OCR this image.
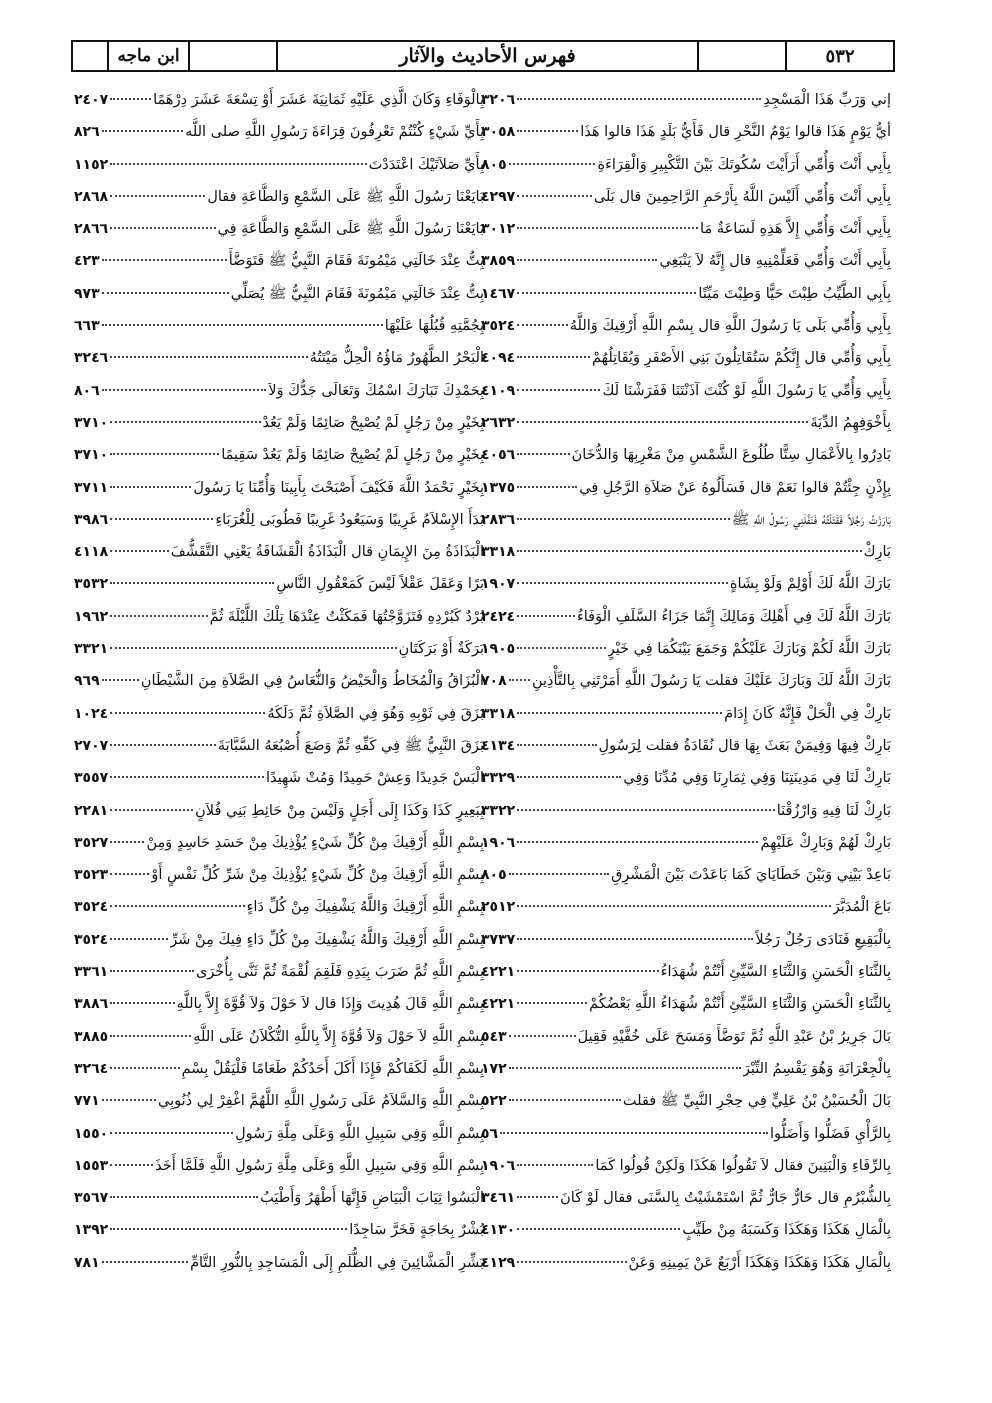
ابن ماجه	فهرس الأحاديث والآثار	٥٣٢
إني وَرَبِّ هَذَا الْمَسْجِدِ
٣٢٠٦
أيُّ يَوْمٍ هَذَا قالوا يَوْمُ النَّحْرِ قال فَأَيُّ بَلَدٍ هَذَا قالوا هَذَا
٣٠٥٨
بِأَبِي أَنْتَ وَأُمِّي أَرَأَيْتَ سُكُوتَكَ بَيْنَ التَّكْبِيرِ وَالْقِرَاءَةِ
٨٠٥
بِأَبِي أَنْتَ وَأُمِّي أَلَيْسَ اللَّهُ بِأَرْحَمِ الرَّاحِمِينَ قال بَلَى
٤٢٩٧
بِأَبِي أَنْتَ وَأُمِّي إِلاَّ هَذِهِ لَسَاعَةٌ مَا
٣٠١٢
بِأَبِي أَنْتَ وَأُمِّي فَعَلِّمْنِيهِ قال إِنَّهُ لاَ يَنْبَغِي
٣٨٥٩
بِأَبِي الطَّيِّبُ طِبْتَ حَيًّا وَطِبْتَ مَيِّتًا
١٤٦٧
بِأَبِي وَأُمِّي بَلَى يَا رَسُولَ اللَّهِ قال بِسْمِ اللَّهِ أَرْقِيكَ وَاللَّهُ
٣٥٢٤
بِأَبِي وَأُمِّي قال إِنَّكُمْ سَتُقَاتِلُونَ بَنِي الأَصْفَرِ وَيُقَاتِلُهُمْ
٤٠٩٤
بِأَبِي وَأُمِّي يَا رَسُولَ اللَّهِ لَوْ كُنْتَ آذَنْتَنَا فَفَرَشْنَا لَكَ
٤١٠٩
بِأَخْوَفِهِمُ الدِّيَةَ
٢٦٣٢
بَادِرُوا بِالأَعْمَالِ سِتًّا طُلُوعَ الشَّمْسِ مِنْ مَغْرِبِهَا وَالدُّخَانَ
٤٠٥٦
بِإِذْنٍ جِئْتُمْ قالوا نَعَمْ قال فَسَأَلُوهُ عَنْ صَلاَةِ الرَّجُلِ فِي
١٣٧٥
بَارَزْتُ رَجُلاً فَقَتَلْتُهُ فَنَفَّلَنِي رَسُولُ اللَّهِ ﷺ
٢٨٣٦
بَارِكْ
٣٣١٨
بَارَكَ اللَّهُ لَكَ أَوْلِمْ وَلَوْ بِشَاةٍ
١٩٠٧
بَارَكَ اللَّهُ لَكَ فِي أَهْلِكَ وَمَالِكَ إِنَّمَا جَزَاءُ السَّلَفِ الْوَفَاءُ
٢٤٢٤
بَارَكَ اللَّهُ لَكُمْ وَبَارَكَ عَلَيْكُمْ وَجَمَعَ بَيْنَكُمَا فِي خَيْرٍ
١٩٠٥
بَارَكَ اللَّهُ لَكَ وَبَارَكَ عَلَيْكَ فقلت يَا رَسُولَ اللَّهِ أَمَرْتَنِي بِالتَّأْذِينِ
٧٠٨
بَارِكْ فِي الْحَلْ فَإِنَّهُ كَانَ إِدَامَ
٣٣١٨
بَارِكْ فِيهَا وَفِيمَنْ بَعَثَ بِهَا قال نُقَادَةُ فقلت لِرَسُولِ
٤١٣٤
بَارِكْ لَنَا فِي مَدِينَتِنَا وَفِي ثِمَارِنَا وَفِي مُدِّنَا وَفِي
٣٣٢٩
بَارِكْ لَنَا فِيهِ وَارْزُقْنَا
٣٣٢٢
بَارِكْ لَهُمْ وَبَارِكْ عَلَيْهِمْ
١٩٠٦
بَاعِدْ بَيْنِي وَبَيْنَ خَطَايَايَ كَمَا بَاعَدْتَ بَيْنَ الْمَشْرِقِ
٨٠٥
بَاعَ الْمُدَبَّرَ
٢٥١٢
بِالْبَقِيعِ فَنَادَى رَجُلٌ رَجُلاً
٣٧٣٧
بِالثَّنَاءِ الْحَسَنِ وَالثَّنَاءِ السَّيِّئِ أَنْتُمْ شُهَدَاءُ
٤٢٢١
بِالثَّنَاءِ الْحَسَنِ وَالثَّنَاءِ السَّيِّئِ أَنْتُمْ شُهَدَاءُ اللَّهِ بَعْضُكُمْ
٤٢٢١
بَالَ جَرِيرُ بْنُ عَبْدِ اللَّهِ ثُمَّ تَوَضَّأَ وَمَسَحَ عَلَى خُفَّيْهِ فَقِيلَ
٥٤٣
بِالْجِعْرَانَةِ وَهُوَ يَقْسِمُ التِّبْرَ
١٧٢
بَالَ الْحُسَيْنُ بْنُ عَلِيٍّ فِي حِجْرِ النَّبِيِّ ﷺ فقلت
٥٢٢
بِالرَّأْيِ فَضَلُّوا وَأَضَلُّوا
٥٦
بِالرِّفَاءِ وَالْبَنِينَ فقال لاَ تَقُولُوا هَكَذَا وَلَكِنْ قُولُوا كَمَا
١٩٠٦
بِالشُّبْرُمِ قال حَارٌّ جَارٌّ ثُمَّ اسْتَمْشَيْتُ بِالسَّنَى فقال لَوْ كَانَ
٣٤٦١
بِالْمَالِ هَكَذَا وَهَكَذَا وَكَسَبَهُ مِنْ طَيِّبٍ
٤١٣٠
بِالْمَالِ هَكَذَا وَهَكَذَا وَهَكَذَا أَرْبَعٌ عَنْ يَمِينِهِ وَعَنْ
٤١٢٩
بِالْوَفَاءِ وَكَانَ الَّذِي عَلَيْهِ ثَمَانِيَةَ عَشَرَ أَوْ تِسْعَةَ عَشَرَ دِرْهَمًا
٢٤٠٧
بِأَيِّ شَيْءٍ كُنْتُمْ تَعْرِفُونَ قِرَاءَةَ رَسُولِ اللَّهِ صلى اللَّه
٨٢٦
بِأَيِّ صَلاَتَيْكَ اعْتَدَدْتَ
١١٥٢
بَايَعْنَا رَسُولَ اللَّهِ ﷺ عَلَى السَّمْعِ وَالطَّاعَةِ فقال
٢٨٦٨
بَايَعْنَا رَسُولَ اللَّهِ ﷺ عَلَى السَّمْعِ وَالطَّاعَةِ فِي
٢٨٦٦
بِتُّ عِنْدَ خَالَتِي مَيْمُونَةَ فَقَامَ النَّبِيُّ ﷺ فَتَوَضَّأَ
٤٢٣
بِتُّ عِنْدَ خَالَتِي مَيْمُونَةَ فَقَامَ النَّبِيُّ ﷺ يُصَلِّي
٩٧٣
بِجُمَّتِهِ قُبُلُهَا عَلَيْهَا
٦٦٣
الْبَحْرُ الطَّهُورُ مَاؤُهُ الْحِلُّ مَيْتَتُهُ
٣٢٤٦
بِحَمْدِكَ تَبَارَكَ اسْمُكَ وَتَعَالَى جَدُّكَ وَلاَ
٨٠٦
بِخَيْرٍ مِنْ رَجُلٍ لَمْ يُصْبِحْ صَائِمًا وَلَمْ يَعُدْ
٣٧١٠
بِخَيْرٍ مِنْ رَجُلٍ لَمْ يُصْبِحْ صَائِمًا وَلَمْ يَعُدْ سَقِيمًا
٣٧١٠
بِخَيْرٍ نَحْمَدُ اللَّهَ فَكَيْفَ أَصْبَحْتَ بِأَبِينَا وَأُمِّنَا يَا رَسُولَ
٣٧١١
بَدَأَ الإِسْلاَمُ غَرِيبًا وَسَيَعُودُ غَرِيبًا فَطُوبَى لِلْغُرَبَاءِ
٣٩٨٦
الْبَذَاذَةُ مِنَ الإِيمَانِ قال الْبَذَاذَةُ الْقَشَافَةُ يَعْنِي التَّقَشُّفَ
٤١١٨
بَرًا وَعَقَلَ عَقْلاً لَيْسَ كَمَعْقُولِ النَّاسِ
٣٥٣٢
بُرْدٌ كَبُرْدِهِ فَتَزَوَّجْتُهَا فَمَكَثْتُ عِنْدَهَا تِلْكَ اللَّيْلَةَ ثُمَّ
١٩٦٢
بَرَكَةٌ أَوْ بَرَكَتَانِ
٣٣٢١
الْبُزَاقُ وَالْمُخَاطُ وَالْحَيْضُ وَالنُّعَاسُ فِي الصَّلاَةِ مِنَ الشَّيْطَانِ
٩٦٩
بَزَقَ فِي ثَوْبِهِ وَهُوَ فِي الصَّلاَةِ ثُمَّ دَلَكَهُ
١٠٢٤
بَزَقَ النَّبِيُّ ﷺ فِي كَفِّهِ ثُمَّ وَضَعَ أُصْبُعَهُ السَّبَّابَةَ
٢٧٠٧
الْبَسْ جَدِيدًا وَعِشْ حَمِيدًا وَمُتْ شَهِيدًا
٣٥٥٧
بِبَعِيرٍ كَذَا وَكَذَا إِلَى أَجَلٍ وَلَيْسَ مِنْ حَائِطِ بَنِي فُلاَنٍ
٢٢٨١
بِسْمِ اللَّهِ أَرْقِيكَ مِنْ كُلِّ شَيْءٍ يُؤْذِيكَ مِنْ حَسَدِ حَاسِدٍ وَمِنْ
٣٥٢٧
بِسْمِ اللَّهِ أَرْقِيكَ مِنْ كُلِّ شَيْءٍ يُؤْذِيكَ مِنْ شَرِّ كُلِّ نَفْسٍ أَوْ
٣٥٢٣
بِسْمِ اللَّهِ أَرْقِيكَ وَاللَّهُ يَشْفِيكَ مِنْ كُلِّ دَاءٍ
٣٥٢٤
بِسْمِ اللَّهِ أَرْقِيكَ وَاللَّهُ يَشْفِيكَ مِنْ كُلِّ دَاءٍ فِيكَ مِنْ شَرِّ
٣٥٢٤
بِسْمِ اللَّهِ ثُمَّ ضَرَبَ بِيَدِهِ فَلَقِمَ لُقْمَةً ثُمَّ ثَنَّى بِأُخْرَى
٣٣٦١
بِسْمِ اللَّهِ قَالَ هُدِيتَ وَإِذَا قال لاَ حَوْلَ وَلاَ قُوَّةَ إِلاَّ بِاللَّهِ
٣٨٨٦
بِسْمِ اللَّهِ لاَ حَوْلَ وَلاَ قُوَّةَ إِلاَّ بِاللَّهِ التُّكْلاَنُ عَلَى اللَّهِ
٣٨٨٥
بِسْمِ اللَّهِ لَكَفَاكُمْ فَإِذَا أَكَلَ أَحَدُكُمْ طَعَامًا فَلْيَقُلْ بِسْمِ
٣٢٦٤
بِسْمِ اللَّهِ وَالسَّلاَمُ عَلَى رَسُولِ اللَّهِ اللَّهُمَّ اغْفِرْ لِي ذُنُوبِي
٧٧١
بِسْمِ اللَّهِ وَفِي سَبِيلِ اللَّهِ وَعَلَى مِلَّةِ رَسُولِ
١٥٥٠
بِسْمِ اللَّهِ وَفِي سَبِيلِ اللَّهِ وَعَلَى مِلَّةِ رَسُولِ اللَّهِ فَلَمَّا أَخَذَ
١٥٥٣
الْبَسُوا ثِيَابَ الْبَيَاضِ فَإِنَّهَا أَطْهَرُ وَأَطْيَبُ
٣٥٦٧
بُشْرٌ بِحَاجَةٍ فَخَرَّ سَاجِدًا
١٣٩٢
بَشِّرِ الْمَشَّائِينَ فِي الظُّلَمِ إِلَى الْمَسَاجِدِ بِالنُّورِ التَّامِّ
٧٨١
